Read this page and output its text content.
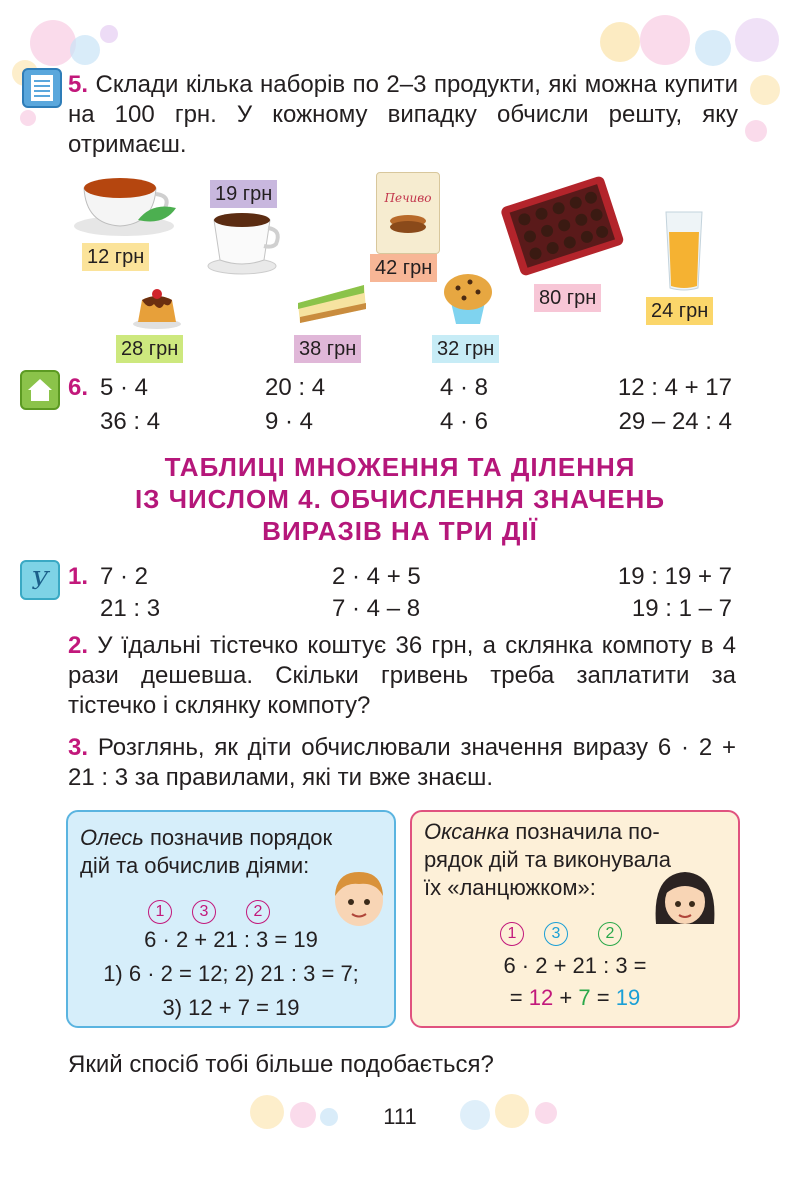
5. Склади кілька наборів по 2–3 продукти, які можна купити на 100 грн. У кожному випадку обчисли решту, яку отримаєш.
12 грн
19 грн	Печиво
42 грн
80 грн
24 грн
28 грн	38 грн	32 грн
6. 5 · 4	20 : 4	4 · 8	12 : 4 + 17
36 : 4	9 · 4	4 · 6	29 – 24 : 4
ТАБЛИЦІ МНОЖЕННЯ ТА ДІЛЕННЯ
ІЗ ЧИСЛОМ 4. ОБЧИСЛЕННЯ ЗНАЧЕНЬ
ВИРАЗІВ НА ТРИ ДІЇ
У 1. 7 · 2	2 · 4 + 5	19 : 19 + 7
21 : 3	7 · 4 – 8	19 : 1 – 7
2. У їдальні тістечко коштує 36 грн, а склянка компоту в 4 рази дешевша. Скільки гривень треба заплатити за тістечко і склянку компоту?
3. Розглянь, як діти обчислювали значення виразу 6 · 2 + 21 : 3 за правилами, які ти вже знаєш.
Олесь позначив порядок
дій та обчислив діями:
1	3	2
6 · 2 + 21 : 3 = 19
1) 6 · 2 = 12; 2) 21 : 3 = 7;
3) 12 + 7 = 19
Оксанка позначила по-
рядок дій та виконувала
їх «ланцюжком»:
1	3	2
6 · 2 + 21 : 3 =
= 12 + 7 = 19
Який спосіб тобі більше подобається?
111
